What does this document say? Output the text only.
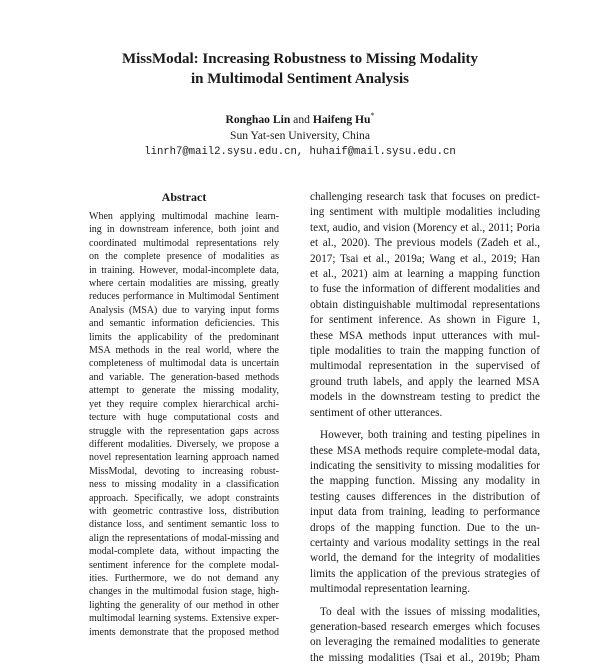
MissModal: Increasing Robustness to Missing Modality
in Multimodal Sentiment Analysis
Ronghao Lin and Haifeng Hu*
Sun Yat-sen University, China
linrh7@mail2.sysu.edu.cn, huhaif@mail.sysu.edu.cn
Abstract
When applying multimodal machine learn-
ing in downstream inference, both joint and
coordinated multimodal representations rely
on the complete presence of modalities as
in training. However, modal-incomplete data,
where certain modalities are missing, greatly
reduces performance in Multimodal Sentiment
Analysis (MSA) due to varying input forms
and semantic information deficiencies. This
limits the applicability of the predominant
MSA methods in the real world, where the
completeness of multimodal data is uncertain
and variable. The generation-based methods
attempt to generate the missing modality,
yet they require complex hierarchical archi-
tecture with huge computational costs and
struggle with the representation gaps across
different modalities. Diversely, we propose a
novel representation learning approach named
MissModal, devoting to increasing robust-
ness to missing modality in a classification
approach. Specifically, we adopt constraints
with geometric contrastive loss, distribution
distance loss, and sentiment semantic loss to
align the representations of modal-missing and
modal-complete data, without impacting the
sentiment inference for the complete modal-
ities. Furthermore, we do not demand any
changes in the multimodal fusion stage, high-
lighting the generality of our method in other
multimodal learning systems. Extensive exper-
iments demonstrate that the proposed method
challenging research task that focuses on predict-
ing sentiment with multiple modalities including
text, audio, and vision (Morency et al., 2011; Poria
et al., 2020). The previous models (Zadeh et al.,
2017; Tsai et al., 2019a; Wang et al., 2019; Han
et al., 2021) aim at learning a mapping function
to fuse the information of different modalities and
obtain distinguishable multimodal representations
for sentiment inference. As shown in Figure 1,
these MSA methods input utterances with mul-
tiple modalities to train the mapping function of
multimodal representation in the supervised of
ground truth labels, and apply the learned MSA
models in the downstream testing to predict the
sentiment of other utterances.
However, both training and testing pipelines in
these MSA methods require complete-modal data,
indicating the sensitivity to missing modalities for
the mapping function. Missing any modality in
testing causes differences in the distribution of
input data from training, leading to performance
drops of the mapping function. Due to the un-
certainty and various modality settings in the real
world, the demand for the integrity of modalities
limits the application of the previous strategies of
multimodal representation learning.
To deal with the issues of missing modalities,
generation-based research emerges which focuses
on leveraging the remained modalities to generate
the missing modalities (Tsai et al., 2019b; Pham
